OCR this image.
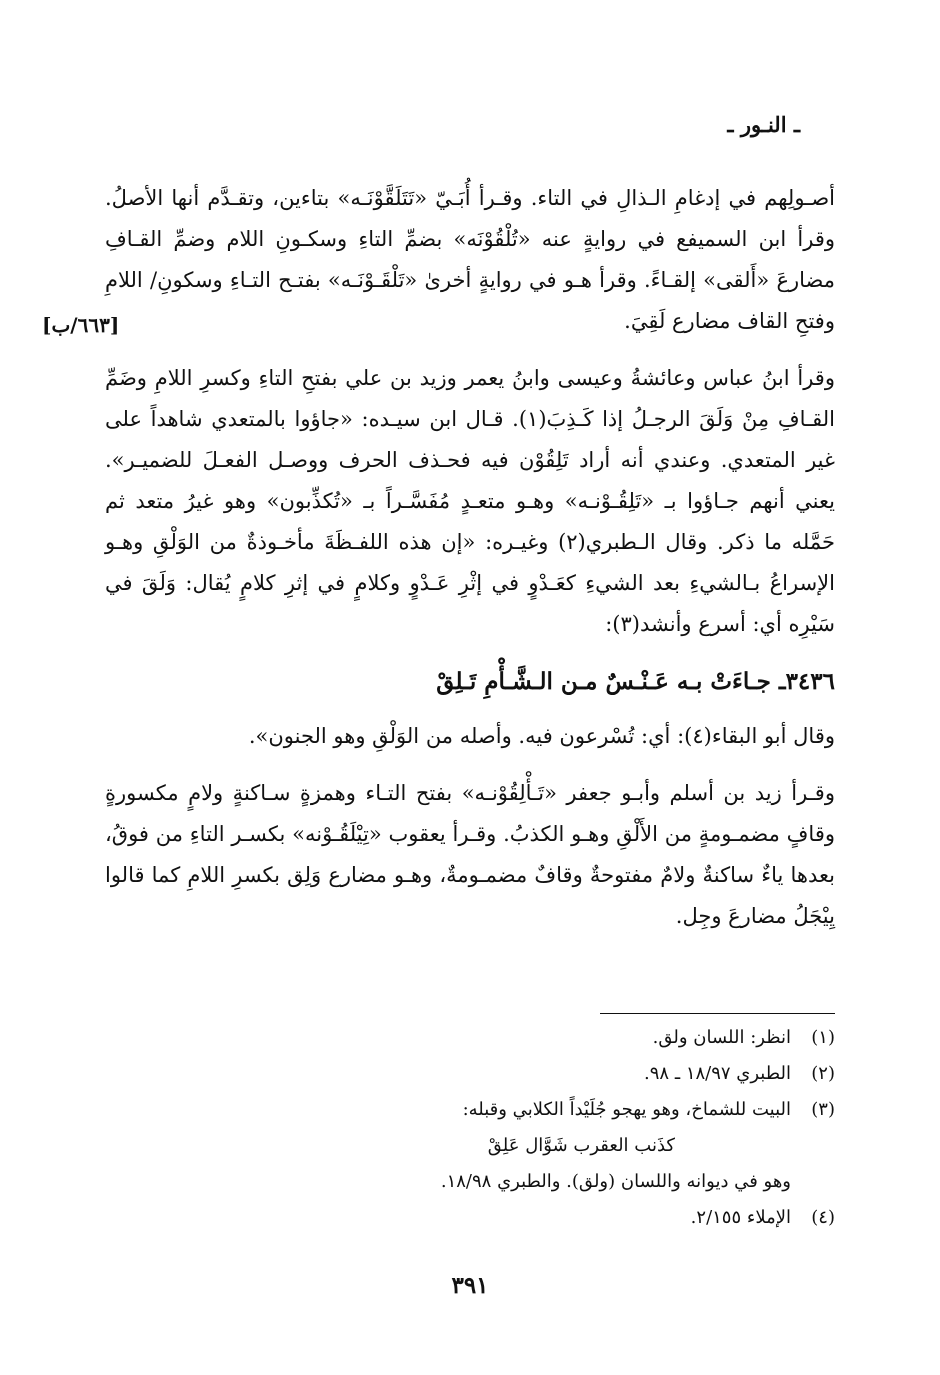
ـ النـور ـ
[٦٦٣/ب]

أصـولِهم في إدغامِ الـذالِ في التاء. وقـرأ أُبَـيّ «تَتَلَقَّوْنَـه» بتاءين، وتقـدَّم أنها الأصلُ. وقرأ ابن السميفع في روايةٍ عنه «تُلْقُوْنَه» بضمِّ التاءِ وسكـونِ اللام وضمِّ القـافِ مضارعَ «أَلقى» إلقـاءً. وقرأ هـو في روايةٍ أخرىٰ «تَلْقَـوْنَـه» بفتـح التـاءِ وسكونِ/ اللامِ وفتحِ القاف مضارع لَقِيَ.

وقرأ ابنُ عباس وعائشةُ وعيسى وابنُ يعمر وزيد بن علي بفتحِ التاءِ وكسرِ اللامِ وضَمِّ القـافِ مِنْ وَلَقَ الرجـلُ إذا كَـذِبَ(١). قـال ابن سيـده: «جاؤوا بالمتعدي شاهداً على غير المتعدي. وعندي أنه أراد تَلِقُوْن فيه فحـذف الحرف ووصـل الفعـلَ للضميـر». يعني أنهم جـاؤوا بـ «تَلِقُـوْنـه» وهـو متعـدٍ مُفَسَّـراً بـ «تُكذِّبون» وهو غيرُ متعد ثم حَمَّله ما ذكر. وقال الـطبري(٢) وغيـره: «إن هذه اللفـظَةَ مأخـوذةٌ من الوَلْقِ وهـو الإسراعُ بـالشيءِ بعد الشيءِ كعَـدْوٍ في إثْرِ عَـدْوٍ وكلامٍ في إثرِ كلامٍ يُقال: وَلَقَ في سَيْرِه أي: أسرع وأنشد(٣):

٣٤٣٦ـ جـاءَتْ بـه عَـنْـسٌ مـن الـشَّـأْمِ تَـلِقْ

وقال أبو البقاء(٤): أي: تُسْرعون فيه. وأصله من الوَلْقِ وهو الجنون».

وقـرأ زيد بن أسلم وأبـو جعفر «تَـأْلِقُوْنـه» بفتح التـاء وهمزةٍ سـاكنةٍ ولامٍ مكسورةٍ وقافٍ مضمـومةٍ من الأَلْقِ وهـو الكذبُ. وقـرأ يعقوب «تِيْلَقُـوْنه» بكسـر التاءِ من فوقُ، بعدها ياءٌ ساكنةٌ ولامٌ مفتوحةٌ وقافٌ مضمـومةٌ، وهـو مضارع وَلِق بكسرِ اللامِ كما قالوا يِيْجَلُ مضارعَ وجِل.

(١)
انظر: اللسان ولق.
(٢)
الطبري ١٨/٩٧ ـ ٩٨.
(٣)
البيت للشماخ، وهو يهجو جُلَيْداً الكلابي وقبله:
كذَنب العقرب شَوَّال عَلِقْ
وهو في ديوانه واللسان (ولق). والطبري ١٨/٩٨.
(٤)
الإملاء ٢/١٥٥.
٣٩١
